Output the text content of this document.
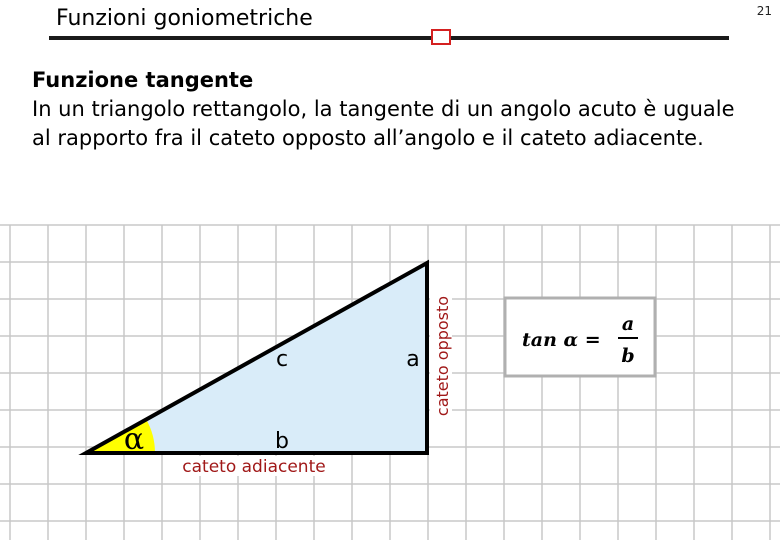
21
Funzioni goniometriche
Funzione tangente
In un triangolo rettangolo, la tangente di un angolo acuto è uguale al rapporto fra il cateto opposto all’angolo e il cateto adiacente.
α
c	a
b
cateto adiacente
cateto opposto	tan α =
a
b
